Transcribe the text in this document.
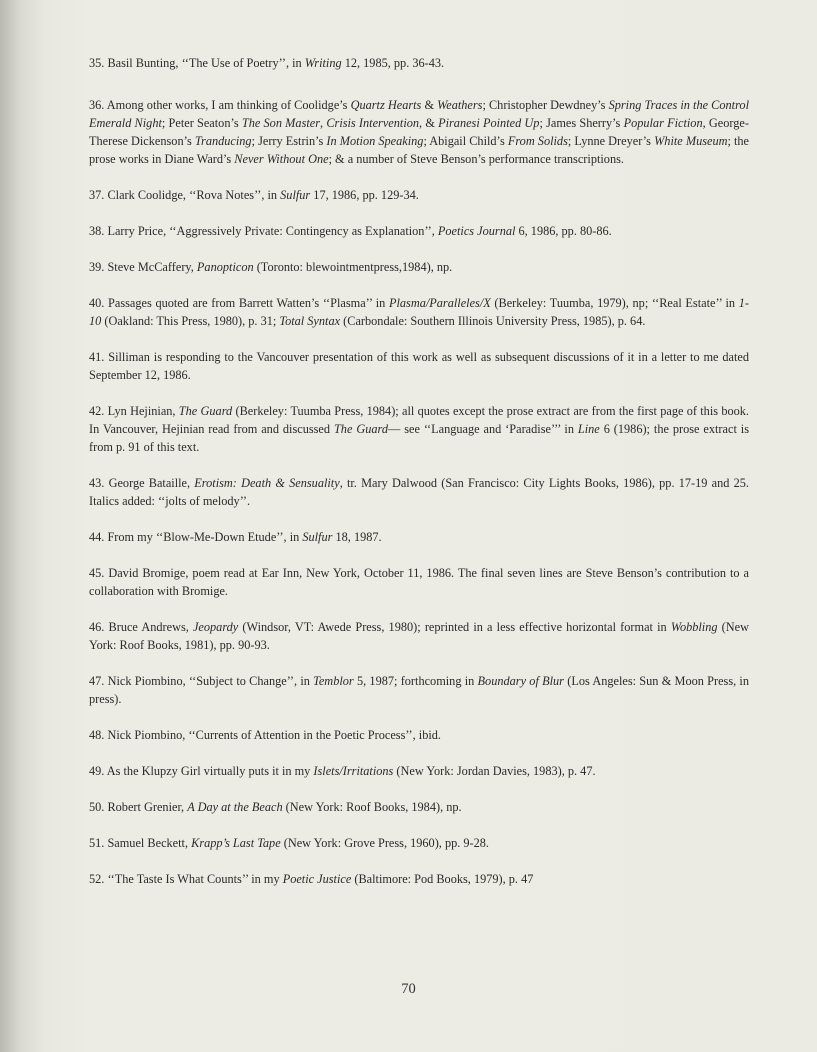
35. Basil Bunting, ‘‘The Use of Poetry’’, in Writing 12, 1985, pp. 36-43.

36. Among other works, I am thinking of Coolidge’s Quartz Hearts & Weathers; Christopher Dewdney’s Spring Traces in the Control Emerald Night; Peter Seaton’s The Son Master, Crisis Intervention, & Piranesi Pointed Up; James Sherry’s Popular Fiction, George-Therese Dickenson’s Tranducing; Jerry Estrin’s In Motion Speaking; Abigail Child’s From Solids; Lynne Dreyer’s White Museum; the prose works in Diane Ward’s Never Without One; & a number of Steve Benson’s performance transcriptions.

37. Clark Coolidge, ‘‘Rova Notes’’, in Sulfur 17, 1986, pp. 129-34.

38. Larry Price, ‘‘Aggressively Private: Contingency as Explanation’’, Poetics Journal 6, 1986, pp. 80-86.

39. Steve McCaffery, Panopticon (Toronto: blewointmentpress,1984), np.

40. Passages quoted are from Barrett Watten’s ‘‘Plasma’’ in Plasma/Paralleles/X (Berkeley: Tuumba, 1979), np; ‘‘Real Estate’’ in 1-10 (Oakland: This Press, 1980), p. 31; Total Syntax (Carbondale: Southern Illinois University Press, 1985), p. 64.

41. Silliman is responding to the Vancouver presentation of this work as well as subsequent discussions of it in a letter to me dated September 12, 1986.

42. Lyn Hejinian, The Guard (Berkeley: Tuumba Press, 1984); all quotes except the prose extract are from the first page of this book. In Vancouver, Hejinian read from and discussed The Guard— see ‘‘Language and ‘Paradise’’’ in Line 6 (1986); the prose extract is from p. 91 of this text.

43. George Bataille, Erotism: Death & Sensuality, tr. Mary Dalwood (San Francisco: City Lights Books, 1986), pp. 17-19 and 25. Italics added: ‘‘jolts of melody’’.

44. From my ‘‘Blow-Me-Down Etude’’, in Sulfur 18, 1987.

45. David Bromige, poem read at Ear Inn, New York, October 11, 1986. The final seven lines are Steve Benson’s contribution to a collaboration with Bromige.

46. Bruce Andrews, Jeopardy (Windsor, VT: Awede Press, 1980); reprinted in a less effective horizontal format in Wobbling (New York: Roof Books, 1981), pp. 90-93.

47. Nick Piombino, ‘‘Subject to Change’’, in Temblor 5, 1987; forthcoming in Boundary of Blur (Los Angeles: Sun & Moon Press, in press).

48. Nick Piombino, ‘‘Currents of Attention in the Poetic Process’’, ibid.

49. As the Klupzy Girl virtually puts it in my Islets/Irritations (New York: Jordan Davies, 1983), p. 47.

50. Robert Grenier, A Day at the Beach (New York: Roof Books, 1984), np.

51. Samuel Beckett, Krapp’s Last Tape (New York: Grove Press, 1960), pp. 9-28.

52. ‘‘The Taste Is What Counts’’ in my Poetic Justice (Baltimore: Pod Books, 1979), p. 47

70
